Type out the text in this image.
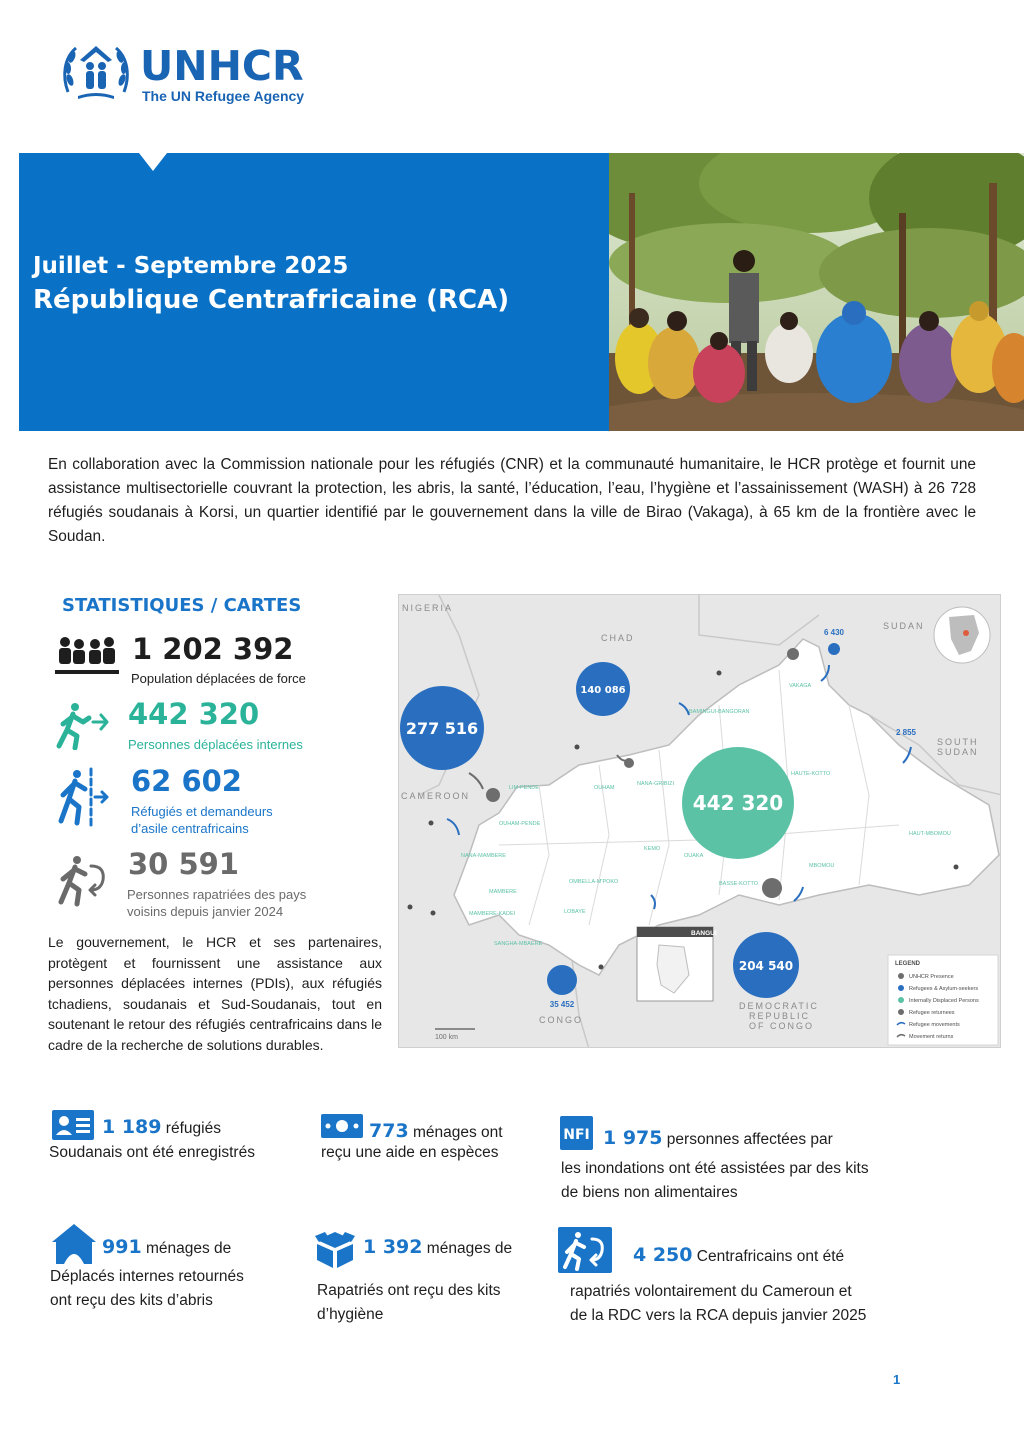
UNHCR
The UN Refugee Agency
Juillet - Septembre 2025
République Centrafricaine (RCA)

En collaboration avec la Commission nationale pour les réfugiés (CNR) et la communauté humanitaire, le HCR protège et fournit une assistance multisectorielle couvrant la protection, les abris, la santé, l’éducation, l’eau, l’hygiène et l’assainissement (WASH) à 26 728 réfugiés soudanais à Korsi, un quartier identifié par le gouvernement dans la ville de Birao (Vakaga), à 65 km de la frontière avec le Soudan.

STATISTIQUES / CARTES
1 202 392
Population déplacées de force
442 320
Personnes déplacées internes
62 602
Réfugiés et demandeurs
d’asile centrafricains
30 591
Personnes rapatriées des pays
voisins depuis janvier 2024

Le gouvernement, le HCR et ses partenaires, protègent et fournissent une assistance aux personnes déplacées internes (PDIs), aux réfugiés tchadiens, soudanais et Sud-Soudanais, tout en soutenant le retour des réfugiés centrafricains dans le cadre de la recherche de solutions durables.

BAMINGUI-BANGORAN
HAUTE-KOTTO
VAKAGA
HAUT-MBOMOU
MBOMOU
BASSE-KOTTO
NANA-GRIBIZI
OUHAM
LIM-PENDE
OUHAM-PENDE
NANA-MAMBERE
MAMBERE
MAMBERE-KADEI
OMBELLA-M'POKO
KEMO
OUAKA
LOBAYE
SANGHA-MBAERE
BANGUI
277 516
140 086
442 320
204 540
35 452
6 430
2 855
NIGERIA
CHAD
SUDAN
SOUTH
SUDAN
CAMEROON
DEMOCRATIC
REPUBLIC
OF CONGO
CONGO
100 km
LEGEND
UNHCR Presence
Refugees & Asylum-seekers
Internally Displaced Persons
Refugee returnees
Refugee movements
Movement returns
1 189 réfugiés
Soudanais ont été enregistrés
773 ménages ont
reçu une aide en espèces
NFI 1 975 personnes affectées par
les inondations ont été assistées par des kits
de biens non alimentaires
991 ménages de
Déplacés internes retournés
ont reçu des kits d’abris
1 392 ménages de
Rapatriés ont reçu des kits
d’hygiène
4 250 Centrafricains ont été
rapatriés volontairement du Cameroun et
de la RDC vers la RCA depuis janvier 2025
1
